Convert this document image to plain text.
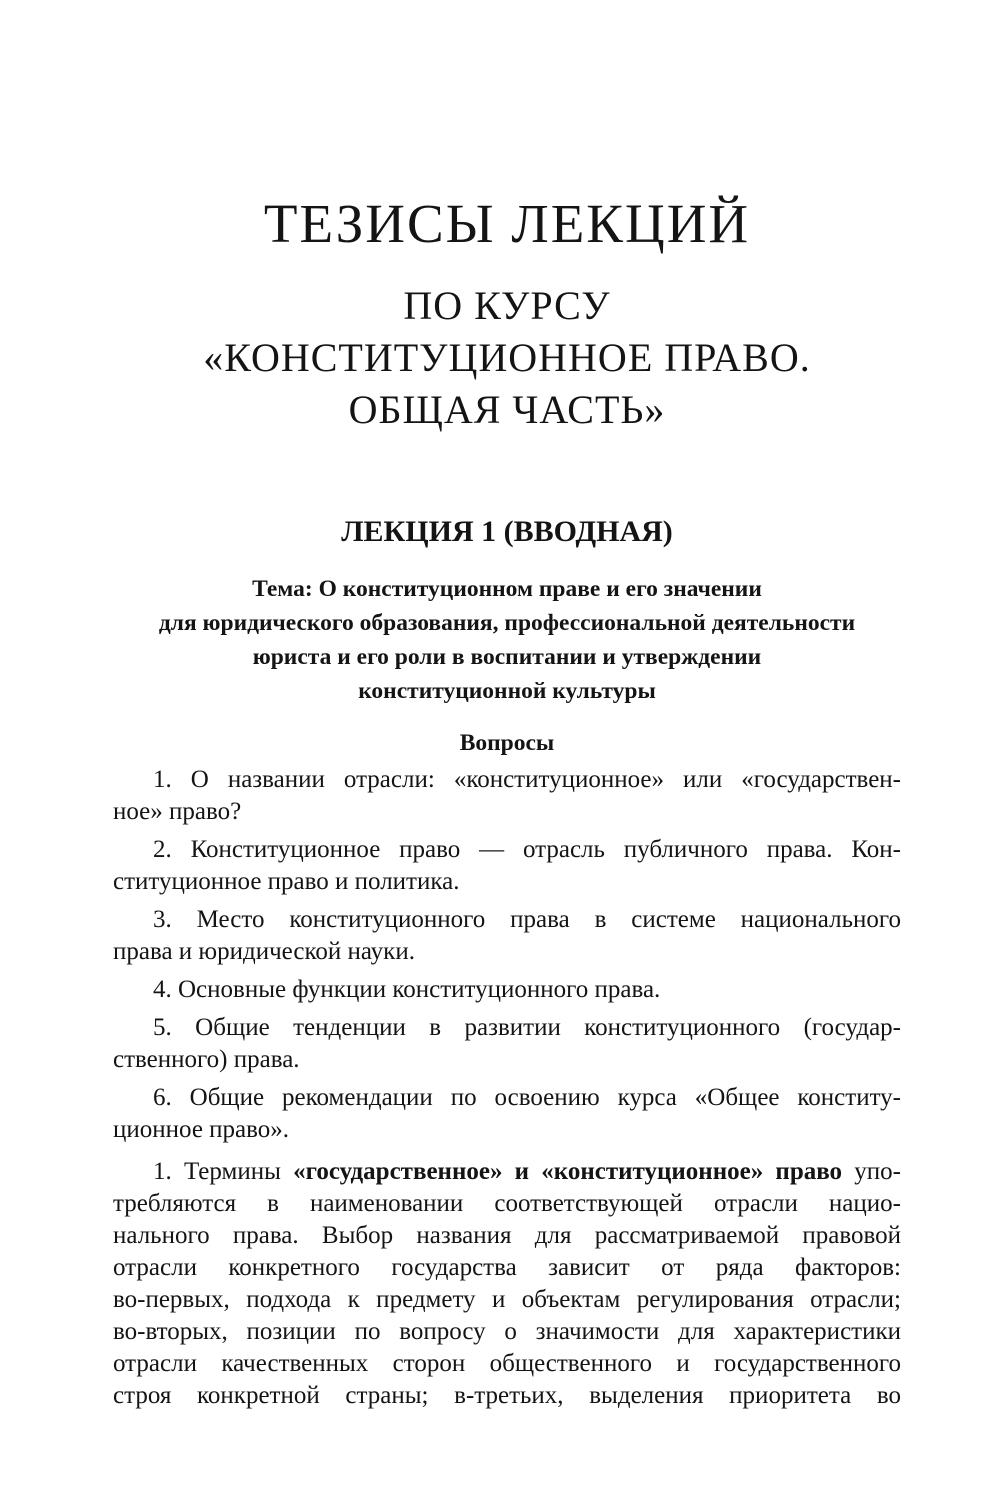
ТЕЗИСЫ ЛЕКЦИЙ
ПО КУРСУ
«КОНСТИТУЦИОННОЕ ПРАВО.
ОБЩАЯ ЧАСТЬ»
ЛЕКЦИЯ 1 (ВВОДНАЯ)
Тема: О конституционном праве и его значении
для юридического образования, профессиональной деятельности
юриста и его роли в воспитании и утверждении
конституционной культуры
Вопросы
1. О названии отрасли: «конституционное» или «государствен-
ное» право?
2. Конституционное право — отрасль публичного права. Кон-
ституционное право и политика.
3. Место конституционного права в системе национального
права и юридической науки.
4. Основные функции конституционного права.
5. Общие тенденции в развитии конституционного (государ-
ственного) права.
6. Общие рекомендации по освоению курса «Общее конститу-
ционное право».
1. Термины «государственное» и «конституционное» право упо-
требляются в наименовании соответствующей отрасли нацио-
нального права. Выбор названия для рассматриваемой правовой
отрасли конкретного государства зависит от ряда факторов:
во-первых, подхода к предмету и объектам регулирования отрасли;
во-вторых, позиции по вопросу о значимости для характеристики
отрасли качественных сторон общественного и государственного
строя конкретной страны; в-третьих, выделения приоритета во
